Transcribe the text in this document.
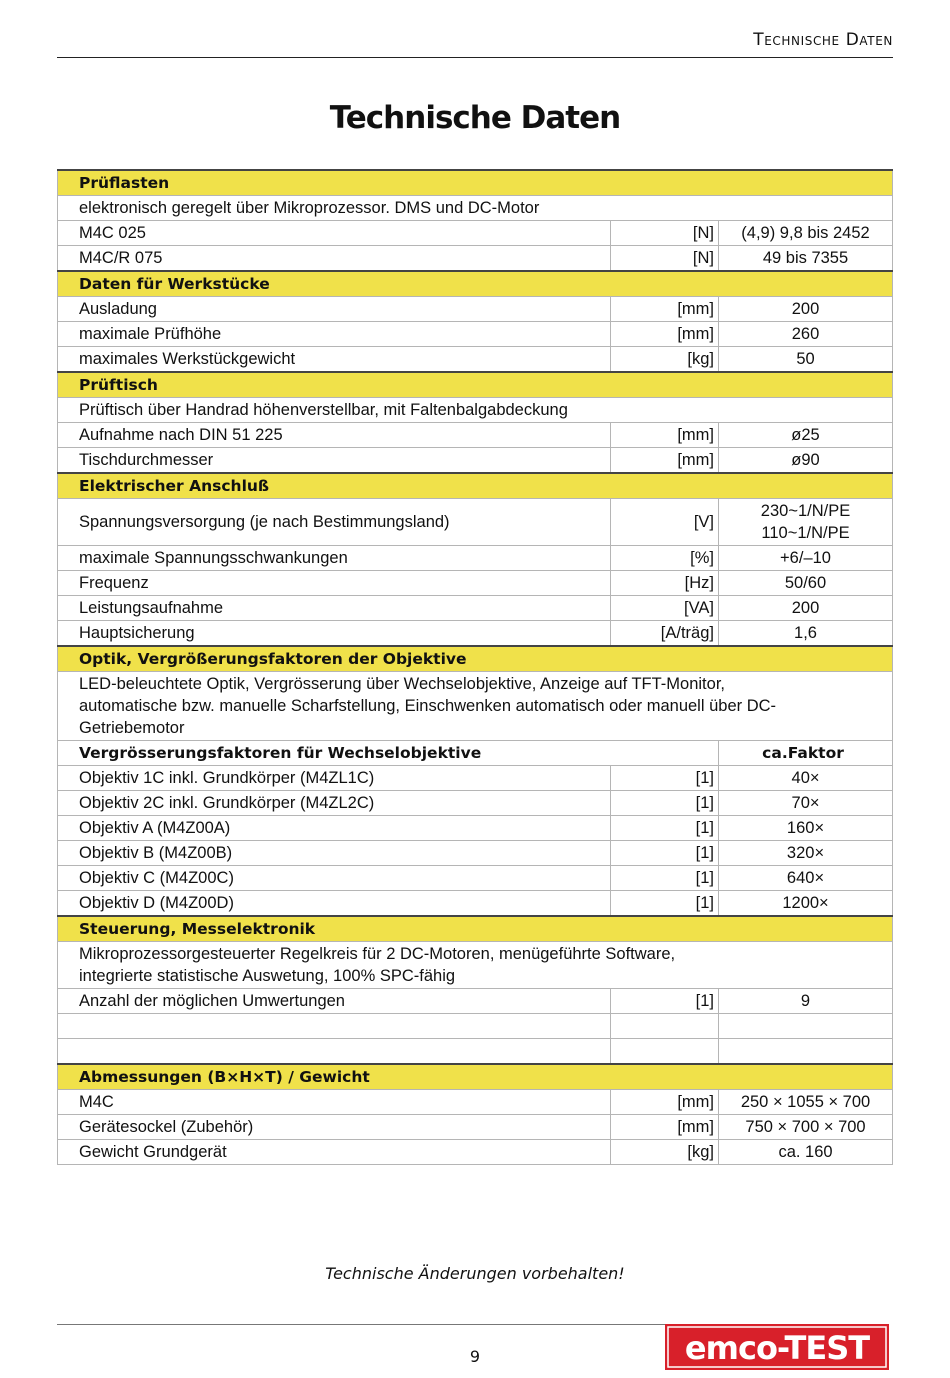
Technische Daten
Technische Daten
Prüflasten		

elektronisch geregelt über Mikroprozessor. DMS und DC-Motor		

M4C 025	[N]	(4,9) 9,8 bis 2452

M4C/R 075	[N]	49 bis 7355

Daten für Werkstücke		
Ausladung	[mm]	200

maximale Prüfhöhe	[mm]	260

maximales Werkstückgewicht	[kg]	50

Prüftisch		

Prüftisch über Handrad höhenverstellbar, mit Faltenbalgabdeckung		

Aufnahme nach DIN 51 225	[mm]	ø25

Tischdurchmesser	[mm]	ø90

Elektrischer Anschluß		
Spannungsversorgung (je nach Bestimmungsland)	[V]	230~1/N/PE
110~1/N/PE

maximale Spannungsschwankungen	[%]	+6/–10

Frequenz	[Hz]	50/60

Leistungsaufnahme	[VA]	200

Hauptsicherung	[A/träg]	1,6

Optik, Vergrößerungsfaktoren der Objektive		

LED-beleuchtete Optik, Vergrösserung über Wechselobjektive, Anzeige auf TFT-Monitor,
automatische bzw. manuelle Scharfstellung, Einschwenken automatisch oder manuell über DC-
Getriebemotor		

Vergrösserungsfaktoren für Wechselobjektive		ca.Faktor
Objektiv 1C inkl. Grundkörper (M4ZL1C)	[1]	40×

Objektiv 2C inkl. Grundkörper (M4ZL2C)	[1]	70×

Objektiv A (M4Z00A)	[1]	160×

Objektiv B (M4Z00B)	[1]	320×

Objektiv C (M4Z00C)	[1]	640×

Objektiv D (M4Z00D)	[1]	1200×

Steuerung, Messelektronik		

Mikroprozessorgesteuerter Regelkreis für 2 DC-Motoren, menügeführte Software,
integrierte statistische Auswetung, 100% SPC-fähig		

Anzahl der möglichen Umwertungen	[1]	9

Abmessungen (B×H×T) / Gewicht		
M4C	[mm]	250 × 1055 × 700

Gerätesockel (Zubehör)	[mm]	750 × 700 × 700

Gewicht Grundgerät	[kg]	ca. 160
Technische Änderungen vorbehalten!
9	emco-TEST
